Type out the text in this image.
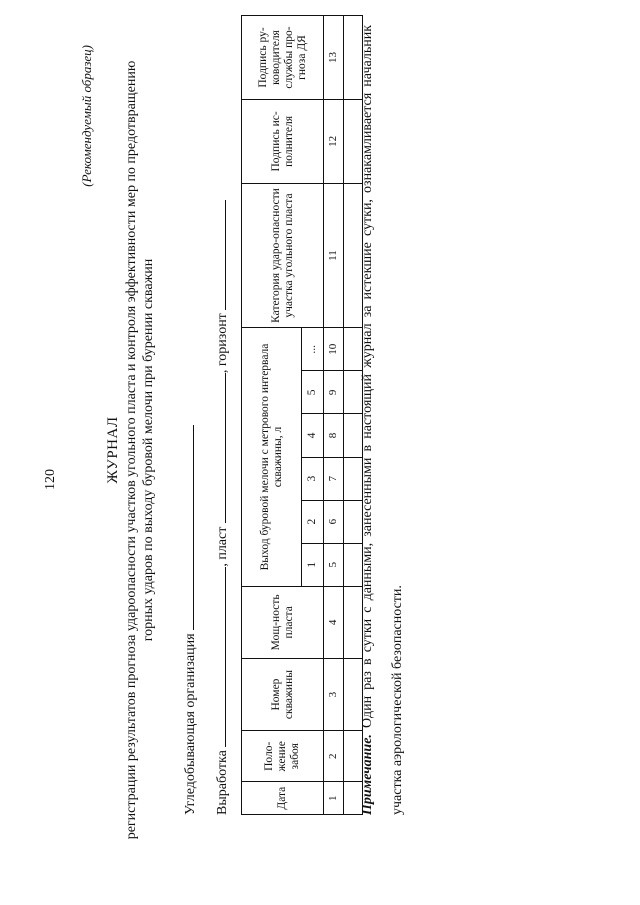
120
(Рекомендуемый образец)
ЖУРНАЛ регистрации результатов прогноза удароопасности участков угольного пласта и контроля эффективности мер по предотвращению горных ударов по выходу буровой мелочи при бурении скважин
Угледобывающая организация Выработка , пласт , горизонт
Дата	Поло-жение забоя	Номер скважины	Мощ-ность пласта	Выход буровой мелочи с метрового интервала скважины, л						Категория ударо-опасности участка угольного пласта	Подпись ис-полнителя	Подпись ру-ководителя службы про-гноза ДЯ
				1	2	3	4	5	...			
1	2	3	4	5	6	7	8	9	10	11	12	13

Примечание. Один раз в сутки с данными, занесенными в настоящий журнал за истекшие сутки, ознакамливается начальник участка аэрологической безопасности.
